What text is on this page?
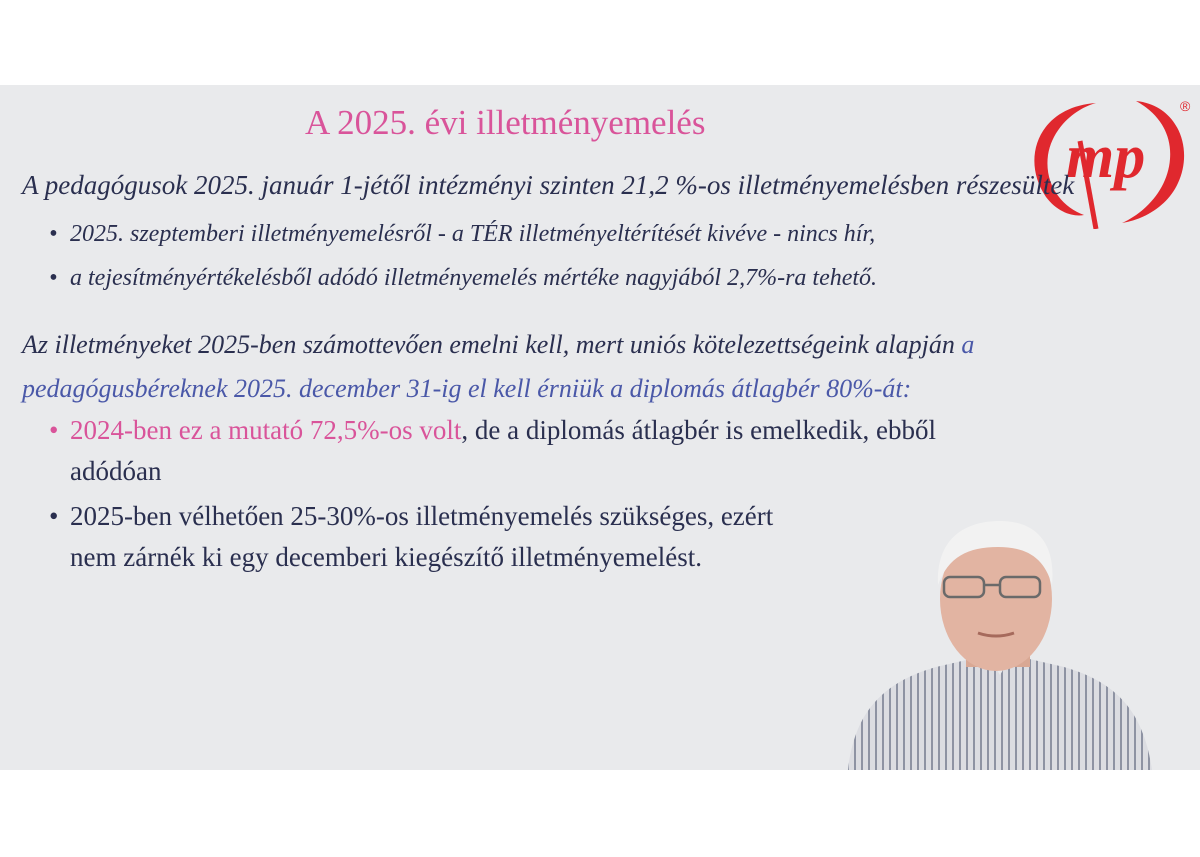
A 2025. évi illetményemelés
mp
®

A pedagógusok 2025. január 1-jétől intézményi szinten 21,2 %-os illetményemelésben részesültek

• 2025. szeptemberi illetményemelésről - a TÉR illetményeltérítését kivéve - nincs hír,
• a tejesítményértékelésből adódó illetményemelés mértéke nagyjából 2,7%-ra tehető.

Az illetményeket 2025-ben számottevően emelni kell, mert uniós kötelezettségeink alapján a
pedagógusbéreknek 2025. december 31-ig el kell érniük a diplomás átlagbér 80%-át:

• 2024-ben ez a mutató 72,5%-os volt, de a diplomás átlagbér is emelkedik, ebből
adódóan
• 2025-ben vélhetően 25-30%-os illetményemelés szükséges, ezért
nem zárnék ki egy decemberi kiegészítő illetményemelést.
